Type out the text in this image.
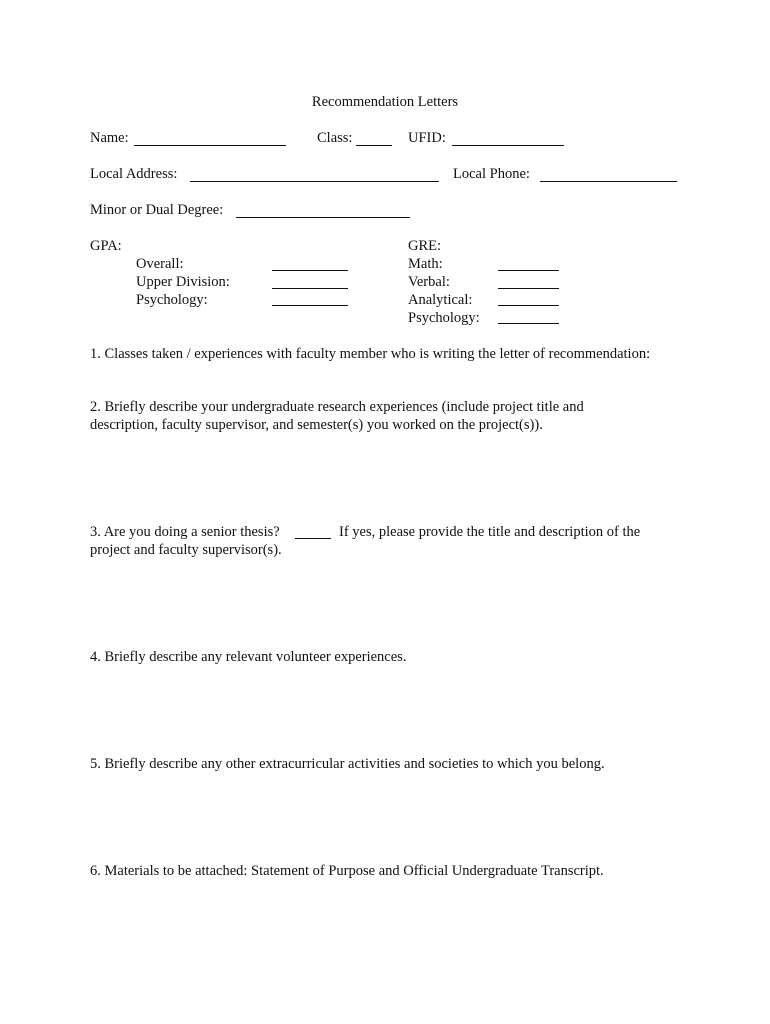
Recommendation Letters
Name:	Class:	UFID:
Local Address:	Local Phone:
Minor or Dual Degree:
GPA:
Overall:
Upper Division:
Psychology:
GRE:
Math:
Verbal:
Analytical:
Psychology:
1. Classes taken / experiences with faculty member who is writing the letter of recommendation:
2. Briefly describe your undergraduate research experiences (include project title and
description, faculty supervisor, and semester(s) you worked on the project(s)).
3. Are you doing a senior thesis?	If yes, please provide the title and description of the
project and faculty supervisor(s).
4. Briefly describe any relevant volunteer experiences.
5. Briefly describe any other extracurricular activities and societies to which you belong.
6. Materials to be attached: Statement of Purpose and Official Undergraduate Transcript.
